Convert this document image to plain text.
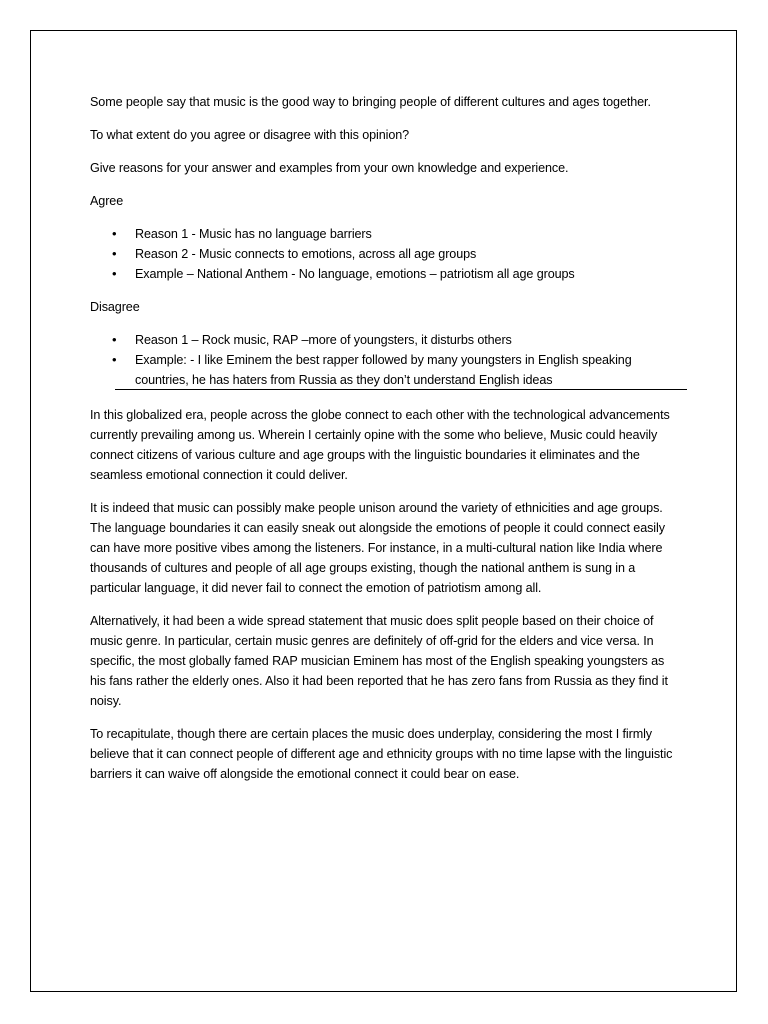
Some people say that music is the good way to bringing people of different cultures and ages together.

To what extent do you agree or disagree with this opinion?

Give reasons for your answer and examples from your own knowledge and experience.

Agree

• Reason 1 - Music has no language barriers
• Reason 2 - Music connects to emotions, across all age groups
• Example – National Anthem - No language, emotions – patriotism all age groups

Disagree

• Reason 1 – Rock music, RAP –more of youngsters, it disturbs others
• Example: - I like Eminem the best rapper followed by many youngsters in English speaking countries, he has haters from Russia as they don’t understand English ideas

In this globalized era, people across the globe connect to each other with the technological advancements currently prevailing among us. Wherein I certainly opine with the some who believe, Music could heavily connect citizens of various culture and age groups with the linguistic boundaries it eliminates and the seamless emotional connection it could deliver.

It is indeed that music can possibly make people unison around the variety of ethnicities and age groups. The language boundaries it can easily sneak out alongside the emotions of people it could connect easily can have more positive vibes among the listeners. For instance, in a multi-cultural nation like India where thousands of cultures and people of all age groups existing, though the national anthem is sung in a particular language, it did never fail to connect the emotion of patriotism among all.

Alternatively, it had been a wide spread statement that music does split people based on their choice of music genre. In particular, certain music genres are definitely of off-grid for the elders and vice versa. In specific, the most globally famed RAP musician Eminem has most of the English speaking youngsters as his fans rather the elderly ones. Also it had been reported that he has zero fans from Russia as they find it noisy.

To recapitulate, though there are certain places the music does underplay, considering the most I firmly believe that it can connect people of different age and ethnicity groups with no time lapse with the linguistic barriers it can waive off alongside the emotional connect it could bear on ease.
